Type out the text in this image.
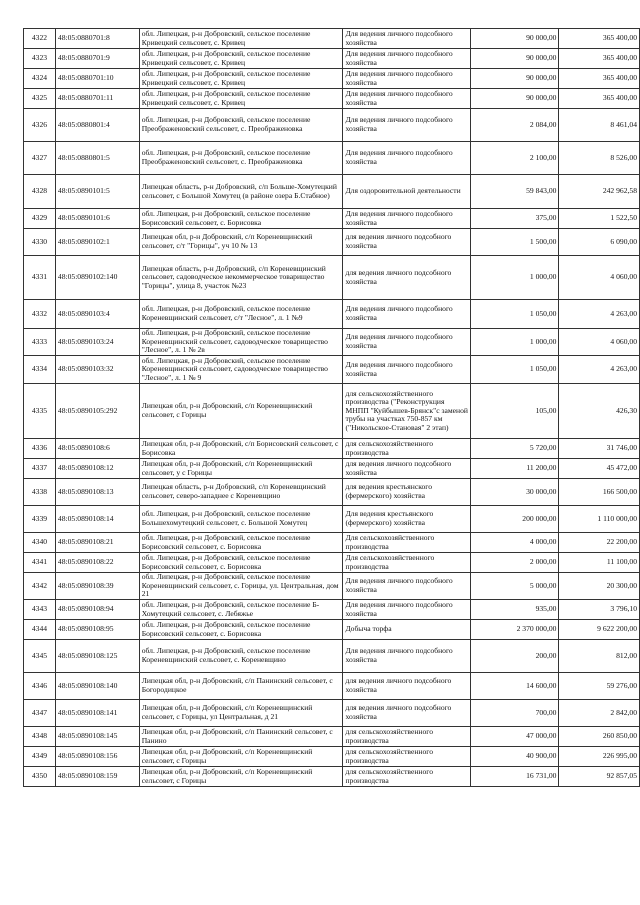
4322	48:05:0880701:8	обл. Липецкая, р-н Добровский, сельское поселение Кривецкий сельсовет, с. Кривец	Для ведения личного подсобного хозяйства	90 000,00	365 400,00
4323	48:05:0880701:9	обл. Липецкая, р-н Добровский, сельское поселение Кривецкий сельсовет, с. Кривец	Для ведения личного подсобного хозяйства	90 000,00	365 400,00
4324	48:05:0880701:10	обл. Липецкая, р-н Добровский, сельское поселение Кривецкий сельсовет, с. Кривец	Для ведения личного подсобного хозяйства	90 000,00	365 400,00
4325	48:05:0880701:11	обл. Липецкая, р-н Добровский, сельское поселение Кривецкий сельсовет, с. Кривец	Для ведения личного подсобного хозяйства	90 000,00	365 400,00
4326	48:05:0880801:4	обл. Липецкая, р-н Добровский, сельское поселение Преображеновский сельсовет, с. Преображеновка	Для ведения личного подсобного хозяйства	2 084,00	8 461,04
4327	48:05:0880801:5	обл. Липецкая, р-н Добровский, сельское поселение Преображеновский сельсовет, с. Преображеновка	Для ведения личного подсобного хозяйства	2 100,00	8 526,00
4328	48:05:0890101:5	Липецкая область, р-н Добровский, с/п Больше-Хомутецкий сельсовет, с Большой Хомутец (в районе озера Б.Стабное)	Для оздоровительной деятельности	59 843,00	242 962,58
4329	48:05:0890101:6	обл. Липецкая, р-н Добровский, сельское поселение Борисовский сельсовет, с. Борисовка	Для ведения личного подсобного хозяйства	375,00	1 522,50
4330	48:05:0890102:1	Липецкая обл, р-н Добровский, с/п Кореневщинский сельсовет, с/т "Горицы", уч 10 № 13	для ведения личного подсобного хозяйства	1 500,00	6 090,00
4331	48:05:0890102:140	Липецкая область, р-н Добровский, с/п Кореневщинский сельсовет, садоводческое некоммерческое товарищество "Горицы", улица 8, участок №23	для ведения личного подсобного хозяйства	1 000,00	4 060,00
4332	48:05:0890103:4	обл. Липецкая, р-н Добровский, сельское поселение Кореневщинский сельсовет, с/т "Лесное", л. 1 №9	Для ведения личного подсобного хозяйства	1 050,00	4 263,00
4333	48:05:0890103:24	обл. Липецкая, р-н Добровский, сельское поселение Кореневщинский сельсовет, садоводческое товарищество "Лесное", л. 1 № 2в	Для ведения личного подсобного хозяйства	1 000,00	4 060,00
4334	48:05:0890103:32	обл. Липецкая, р-н Добровский, сельское поселение Кореневщинский сельсовет, садоводческое товарищество "Лесное", л. 1 № 9	Для ведения личного подсобного хозяйства	1 050,00	4 263,00
4335	48:05:0890105:292	Липецкая обл, р-н Добровский, с/п Кореневщинский сельсовет, с Горицы	для сельскохозяйственного производства ("Реконструкция МНПП "Куйбышев-Брянск"с заменой трубы на участках 750-857 км ("Никольское-Становая" 2 этап)	105,00	426,30
4336	48:05:0890108:6	Липецкая обл, р-н Добровский, с/п Борисовский сельсовет, с Борисовка	для сельскохозяйственного производства	5 720,00	31 746,00
4337	48:05:0890108:12	Липецкая обл, р-н Добровский, с/п Кореневщинский сельсовет, у с Горицы	для ведения личного подсобного хозяйства	11 200,00	45 472,00
4338	48:05:0890108:13	Липецкая область, р-н Добровский, с/п Кореневщинский сельсовет, северо-западнее с Кореневщино	для ведения крестьянского (фермерского) хозяйства	30 000,00	166 500,00
4339	48:05:0890108:14	обл. Липецкая, р-н Добровский, сельское поселение Большехомутецкий сельсовет, с. Большой Хомутец	Для ведения крестьянского (фермерского) хозяйства	200 000,00	1 110 000,00
4340	48:05:0890108:21	обл. Липецкая, р-н Добровский, сельское поселение Борисовский сельсовет, с. Борисовка	Для сельскохозяйственного производства	4 000,00	22 200,00
4341	48:05:0890108:22	обл. Липецкая, р-н Добровский, сельское поселение Борисовский сельсовет, с. Борисовка	Для сельскохозяйственного производства	2 000,00	11 100,00
4342	48:05:0890108:39	обл. Липецкая, р-н Добровский, сельское поселение Кореневщинский сельсовет, с. Горицы, ул. Центральная, дом 21	Для ведения личного подсобного хозяйства	5 000,00	20 300,00
4343	48:05:0890108:94	обл. Липецкая, р-н Добровский, сельское поселение Б-Хомутецкий сельсовет, с. Лебяжье	Для ведения личного подсобного хозяйства	935,00	3 796,10
4344	48:05:0890108:95	обл. Липецкая, р-н Добровский, сельское поселение Борисовский сельсовет, с. Борисовка	Добыча торфа	2 370 000,00	9 622 200,00
4345	48:05:0890108:125	обл. Липецкая, р-н Добровский, сельское поселение Кореневщинский сельсовет, с. Кореневщино	Для ведения личного подсобного хозяйства	200,00	812,00
4346	48:05:0890108:140	Липецкая обл, р-н Добровский, с/п Панинский сельсовет, с Богородицкое	для ведения личного подсобного хозяйства	14 600,00	59 276,00
4347	48:05:0890108:141	Липецкая обл, р-н Добровский, с/п Кореневщинский сельсовет, с Горицы, ул Центральная, д 21	для ведения личного подсобного хозяйства	700,00	2 842,00
4348	48:05:0890108:145	Липецкая обл, р-н Добровский, с/п Панинский сельсовет, с Панино	для сельскохозяйственного производства	47 000,00	260 850,00
4349	48:05:0890108:156	Липецкая обл, р-н Добровский, с/п Кореневщинский сельсовет, с Горицы	для сельскохозяйственного производства	40 900,00	226 995,00
4350	48:05:0890108:159	Липецкая обл, р-н Добровский, с/п Кореневщинский сельсовет, с Горицы	для сельскохозяйственного производства	16 731,00	92 857,05
